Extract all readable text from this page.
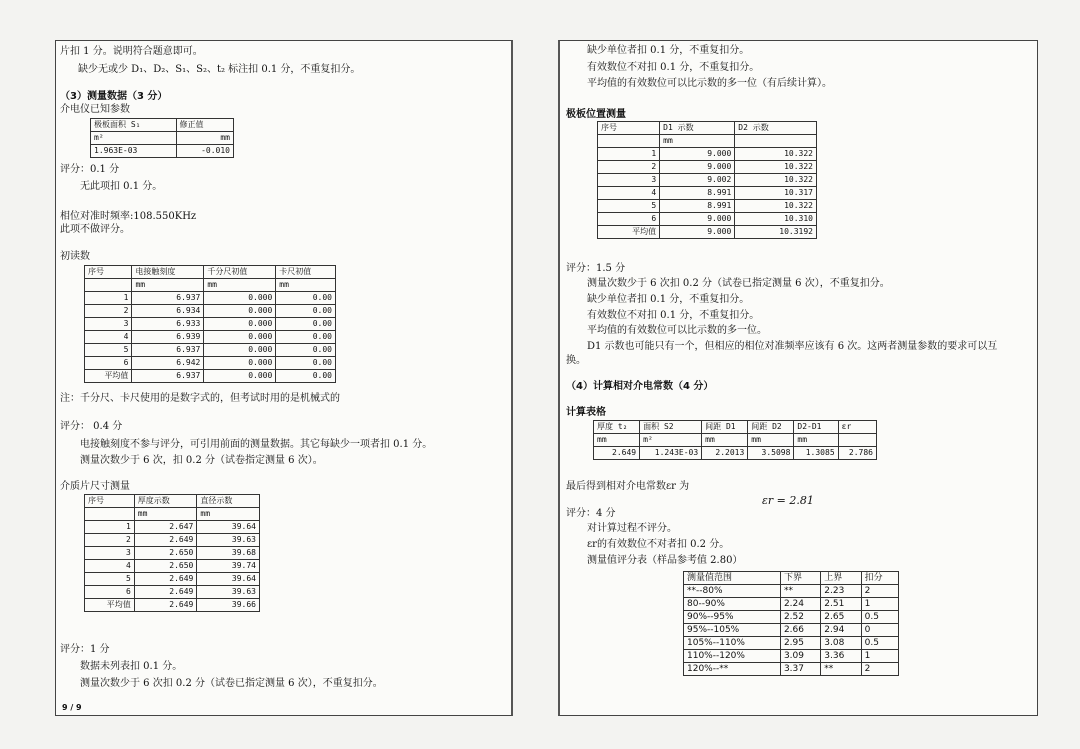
片扣 1 分。说明符合题意即可。
缺少无或少 D₁、D₂、S₁、S₂、t₂ 标注扣 0.1 分，不重复扣分。
（3）测量数据（3 分）
介电仪已知参数
极板面积 S₁	修正值
m²	mm
1.963E-03	-0.010
评分：0.1 分
无此项扣 0.1 分。
相位对准时频率:108.550KHz
此项不做评分。
初读数
序号	电接触刻度	千分尺初值	卡尺初值
	mm	mm	mm
1	6.937	0.000	0.00
2	6.934	0.000	0.00
3	6.933	0.000	0.00
4	6.939	0.000	0.00
5	6.937	0.000	0.00
6	6.942	0.000	0.00
平均值	6.937	0.000	0.00
注：千分尺、卡尺使用的是数字式的，但考试时用的是机械式的
评分： 0.4 分
电接触刻度不参与评分，可引用前面的测量数据。其它每缺少一项者扣 0.1 分。
测量次数少于 6 次，扣 0.2 分（试卷指定测量 6 次）。
介质片尺寸测量
序号	厚度示数	直径示数
	mm	mm
1	2.647	39.64
2	2.649	39.63
3	2.650	39.68
4	2.650	39.74
5	2.649	39.64
6	2.649	39.63
平均值	2.649	39.66
评分：1 分
数据未列表扣 0.1 分。
测量次数少于 6 次扣 0.2 分（试卷已指定测量 6 次），不重复扣分。
9 / 9
缺少单位者扣 0.1 分，不重复扣分。
有效数位不对扣 0.1 分，不重复扣分。
平均值的有效数位可以比示数的多一位（有后续计算）。
极板位置测量
序号	D1 示数	D2 示数
	mm	
1	9.000	10.322
2	9.000	10.322
3	9.002	10.322
4	8.991	10.317
5	8.991	10.322
6	9.000	10.310
平均值	9.000	10.3192
评分：1.5 分
测量次数少于 6 次扣 0.2 分（试卷已指定测量 6 次），不重复扣分。
缺少单位者扣 0.1 分，不重复扣分。
有效数位不对扣 0.1 分，不重复扣分。
平均值的有效数位可以比示数的多一位。
D1 示数也可能只有一个，但相应的相位对准频率应该有 6 次。这两者测量参数的要求可以互
换。
（4）计算相对介电常数（4 分）
计算表格
厚度 t₂	面积 S2	间距 D1	间距 D2	D2-D1	εr
mm	m²	mm	mm	mm	
2.649	1.243E-03	2.2013	3.5098	1.3085	2.786
最后得到相对介电常数εr 为
εr = 2.81
评分：4 分
对计算过程不评分。
εr的有效数位不对者扣 0.2 分。
测量值评分表（样品参考值 2.80）
测量值范围	下界	上界	扣分
**--80%	**	2.23	2
80--90%	2.24	2.51	1
90%--95%	2.52	2.65	0.5
95%--105%	2.66	2.94	0
105%--110%	2.95	3.08	0.5
110%--120%	3.09	3.36	1
120%--**	3.37	**	2
